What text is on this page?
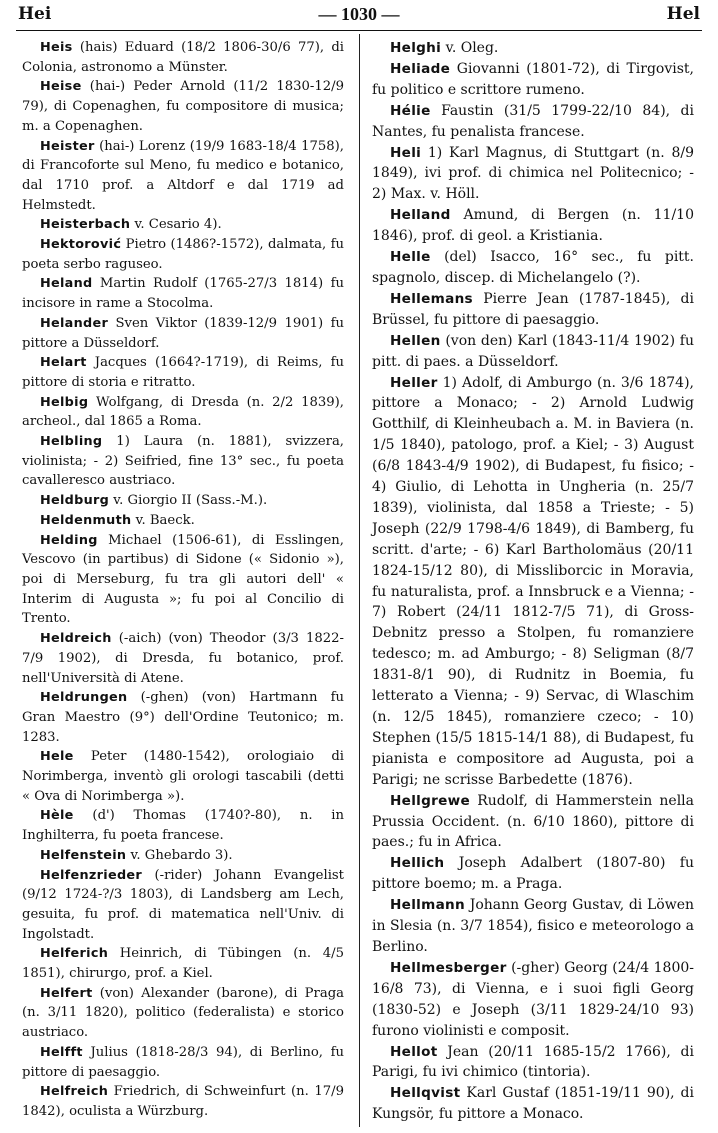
Hei	— 1030 —	Hel

Heis (hais) Eduard (18/2 1806-30/6 77), di Colonia, astronomo a Münster.

Heise (hai-) Peder Arnold (11/2 1830-12/9 79), di Copenaghen, fu compositore di musica; m. a Copenaghen.

Heister (hai-) Lorenz (19/9 1683-18/4 1758), di Francoforte sul Meno, fu medico e botanico, dal 1710 prof. a Altdorf e dal 1719 ad Helmstedt.

Heisterbach v. Cesario 4).

Hektorović Pietro (1486?-1572), dalmata, fu poeta serbo raguseo.

Heland Martin Rudolf (1765-27/3 1814) fu incisore in rame a Stocolma.

Helander Sven Viktor (1839-12/9 1901) fu pittore a Düsseldorf.

Helart Jacques (1664?-1719), di Reims, fu pittore di storia e ritratto.

Helbig Wolfgang, di Dresda (n. 2/2 1839), archeol., dal 1865 a Roma.

Helbling 1) Laura (n. 1881), svizzera, violinista; - 2) Seifried, fine 13° sec., fu poeta cavalleresco austriaco.

Heldburg v. Giorgio II (Sass.-M.).

Heldenmuth v. Baeck.

Helding Michael (1506-61), di Esslingen, Vescovo (in partibus) di Sidone (« Sidonio »), poi di Merseburg, fu tra gli autori dell' « Interim di Augusta »; fu poi al Concilio di Trento.

Heldreich (-aich) (von) Theodor (3/3 1822-7/9 1902), di Dresda, fu botanico, prof. nell'Università di Atene.

Heldrungen (-ghen) (von) Hartmann fu Gran Maestro (9°) dell'Ordine Teutonico; m. 1283.

Hele Peter (1480-1542), orologiaio di Norimberga, inventò gli orologi tascabili (detti « Ova di Norimberga »).

Hèle (d') Thomas (1740?-80), n. in Inghilterra, fu poeta francese.

Helfenstein v. Ghebardo 3).

Helfenzrieder (-rider) Johann Evangelist (9/12 1724-?/3 1803), di Landsberg am Lech, gesuita, fu prof. di matematica nell'Univ. di Ingolstadt.

Helferich Heinrich, di Tübingen (n. 4/5 1851), chirurgo, prof. a Kiel.

Helfert (von) Alexander (barone), di Praga (n. 3/11 1820), politico (federalista) e storico austriaco.

Helfft Julius (1818-28/3 94), di Berlino, fu pittore di paesaggio.

Helfreich Friedrich, di Schweinfurt (n. 17/9 1842), oculista a Würzburg.

Helghi v. Oleg.

Heliade Giovanni (1801-72), di Tirgovist, fu politico e scrittore rumeno.

Hélie Faustin (31/5 1799-22/10 84), di Nantes, fu penalista francese.

Heli 1) Karl Magnus, di Stuttgart (n. 8/9 1849), ivi prof. di chimica nel Politecnico; - 2) Max. v. Höll.

Helland Amund, di Bergen (n. 11/10 1846), prof. di geol. a Kristiania.

Helle (del) Isacco, 16° sec., fu pitt. spagnolo, discep. di Michelangelo (?).

Hellemans Pierre Jean (1787-1845), di Brüssel, fu pittore di paesaggio.

Hellen (von den) Karl (1843-11/4 1902) fu pitt. di paes. a Düsseldorf.

Heller 1) Adolf, di Amburgo (n. 3/6 1874), pittore a Monaco; - 2) Arnold Ludwig Gotthilf, di Kleinheubach a. M. in Baviera (n. 1/5 1840), patologo, prof. a Kiel; - 3) August (6/8 1843-4/9 1902), di Budapest, fu fisico; - 4) Giulio, di Lehotta in Ungheria (n. 25/7 1839), violinista, dal 1858 a Trieste; - 5) Joseph (22/9 1798-4/6 1849), di Bamberg, fu scritt. d'arte; - 6) Karl Bartholomäus (20/11 1824-15/12 80), di Missliborcic in Moravia, fu naturalista, prof. a Innsbruck e a Vienna; - 7) Robert (24/11 1812-7/5 71), di Gross-Debnitz presso a Stolpen, fu romanziere tedesco; m. ad Amburgo; - 8) Seligman (8/7 1831-8/1 90), di Rudnitz in Boemia, fu letterato a Vienna; - 9) Servac, di Wlaschim (n. 12/5 1845), romanziere czeco; - 10) Stephen (15/5 1815-14/1 88), di Budapest, fu pianista e compositore ad Augusta, poi a Parigi; ne scrisse Barbedette (1876).

Hellgrewe Rudolf, di Hammerstein nella Prussia Occident. (n. 6/10 1860), pittore di paes.; fu in Africa.

Hellich Joseph Adalbert (1807-80) fu pittore boemo; m. a Praga.

Hellmann Johann Georg Gustav, di Löwen in Slesia (n. 3/7 1854), fisico e meteorologo a Berlino.

Hellmesberger (-gher) Georg (24/4 1800-16/8 73), di Vienna, e i suoi figli Georg (1830-52) e Joseph (3/11 1829-24/10 93) furono violinisti e composit.

Hellot Jean (20/11 1685-15/2 1766), di Parigi, fu ivi chimico (tintoria).

Hellqvist Karl Gustaf (1851-19/11 90), di Kungsör, fu pittore a Monaco.
